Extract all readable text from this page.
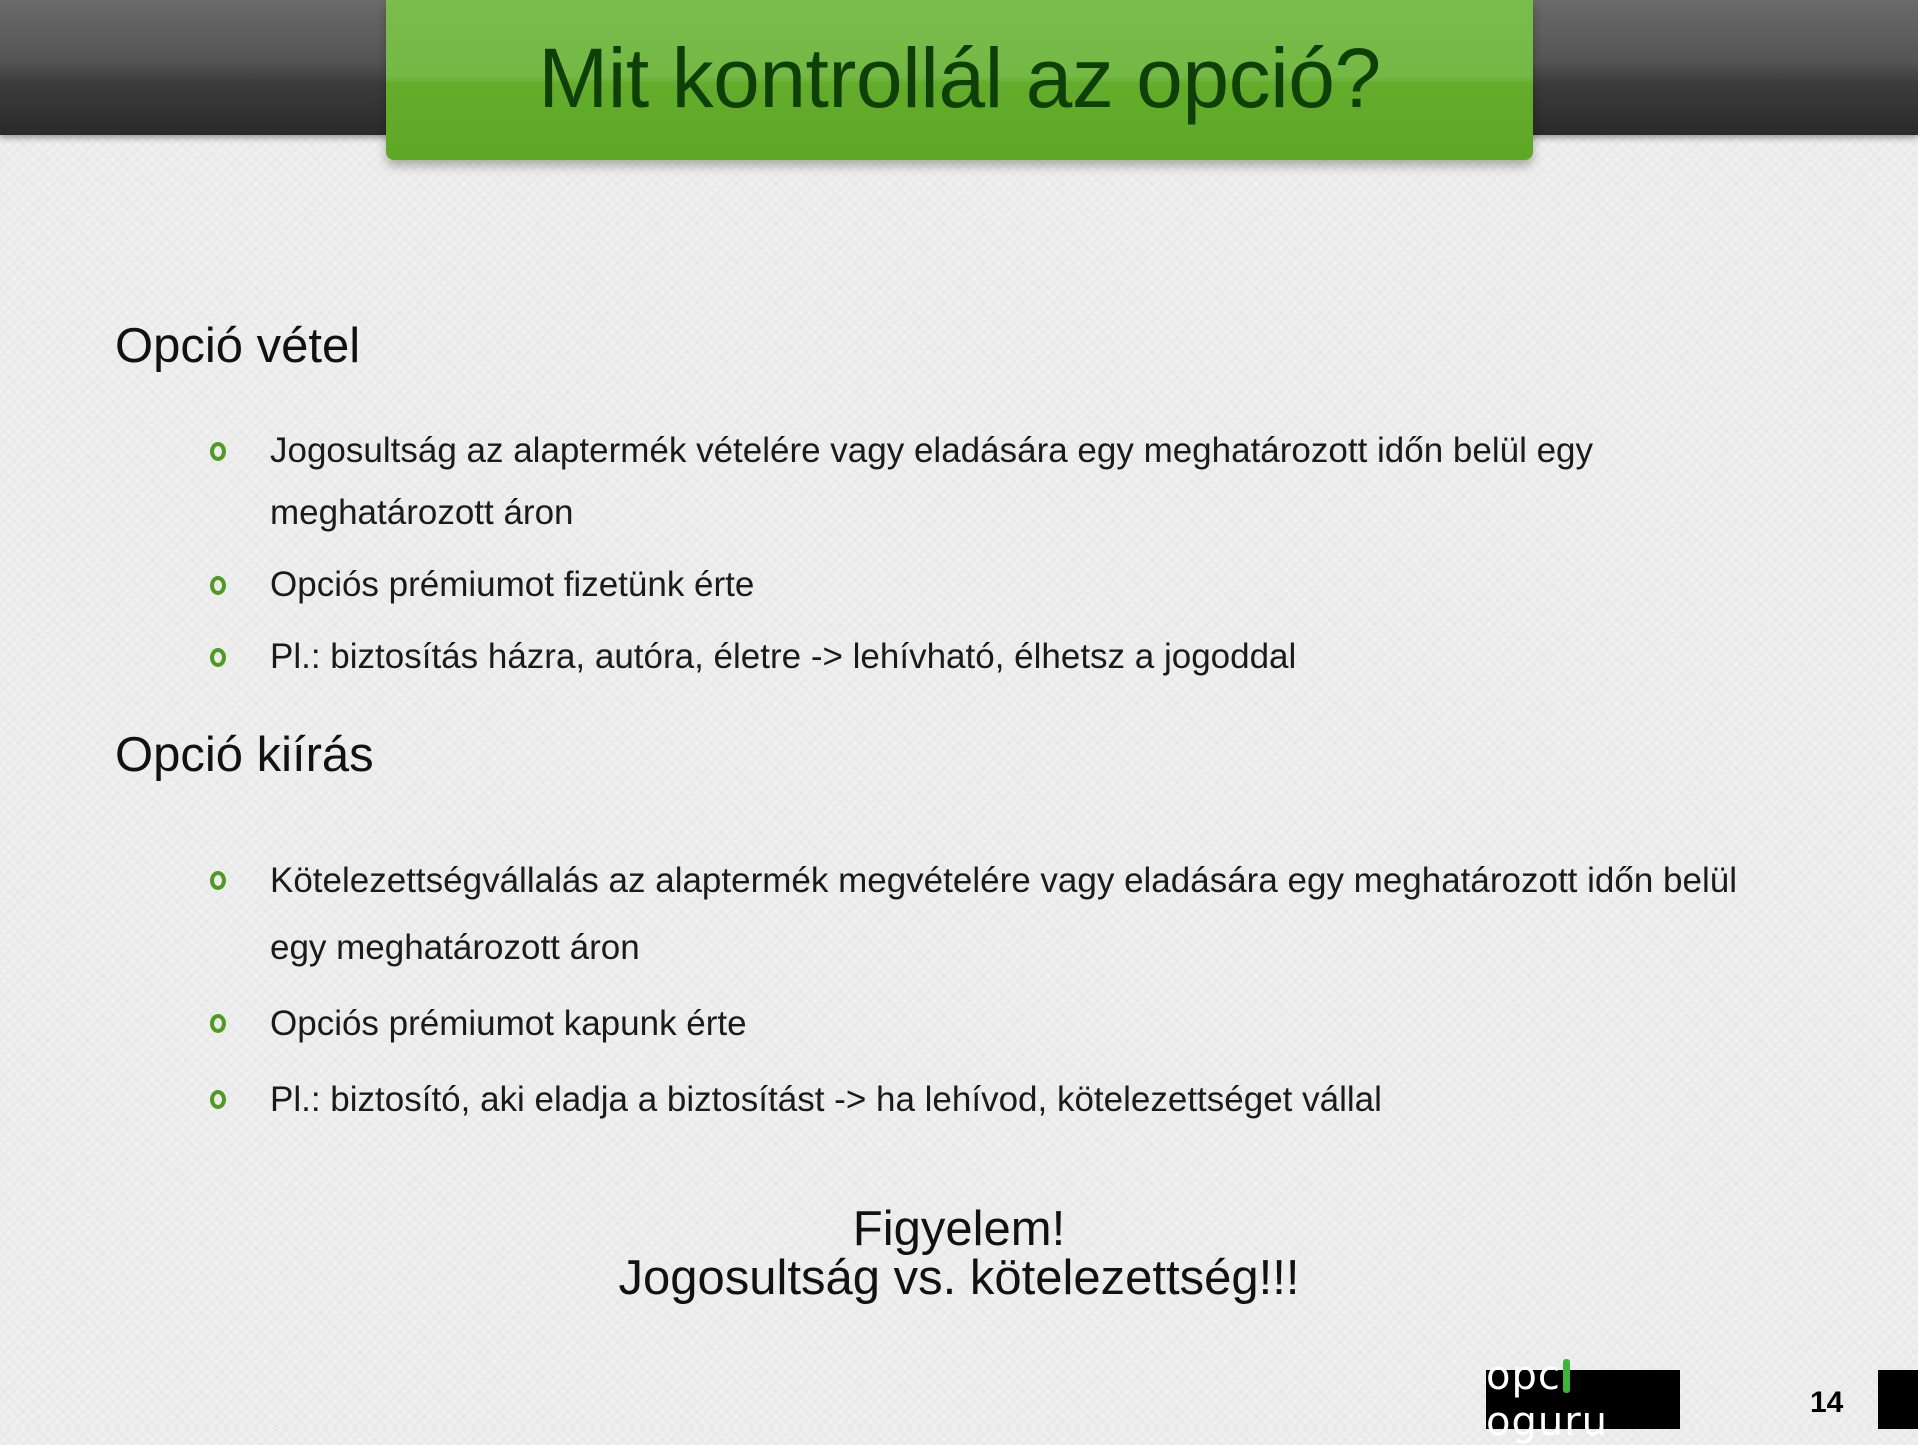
Mit kontrollál az opció?
Opció vétel
Jogosultság az alaptermék vételére vagy eladására egy meghatározott időn belül egy meghatározott áron
Opciós prémiumot fizetünk érte
Pl.: biztosítás házra, autóra, életre -> lehívható, élhetsz a jogoddal
Opció kiírás
Kötelezettségvállalás az alaptermék megvételére vagy eladására egy meghatározott időn belül egy meghatározott áron
Opciós prémiumot kapunk érte
Pl.: biztosító, aki eladja a biztosítást -> ha lehívod, kötelezettséget vállal
Figyelem!
Jogosultság vs. kötelezettség!!!
opcoguru	14
